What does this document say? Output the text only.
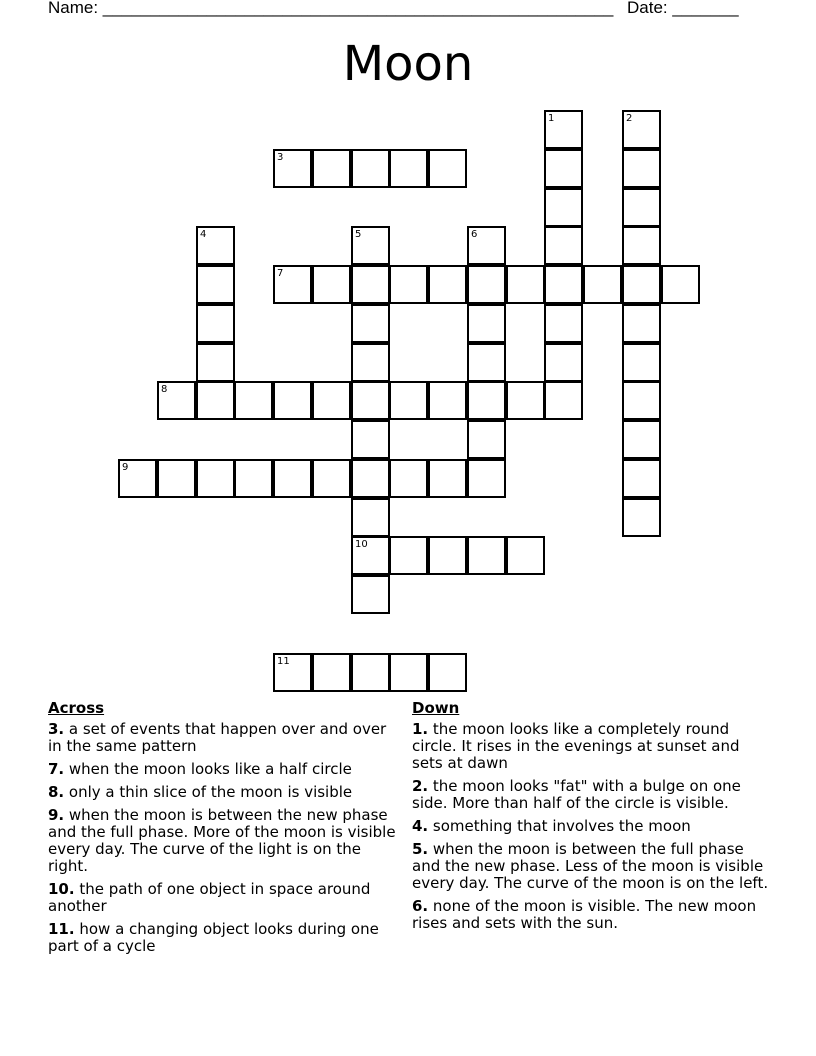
Name: ______________________________________________________ Date: _______
Moon
1	2
3
4	5
10
6
7
8
9
11
Across
3. a set of events that happen over and over in the same pattern
7. when the moon looks like a half circle
8. only a thin slice of the moon is visible
9. when the moon is between the new phase and the full phase. More of the moon is visible every day. The curve of the light is on the right.
10. the path of one object in space around another
11. how a changing object looks during one part of a cycle
Down
1. the moon looks like a completely round circle. It rises in the evenings at sunset and sets at dawn
2. the moon looks "fat" with a bulge on one side. More than half of the circle is visible.
4. something that involves the moon
5. when the moon is between the full phase and the new phase. Less of the moon is visible every day. The curve of the moon is on the left.
6. none of the moon is visible. The new moon rises and sets with the sun.
